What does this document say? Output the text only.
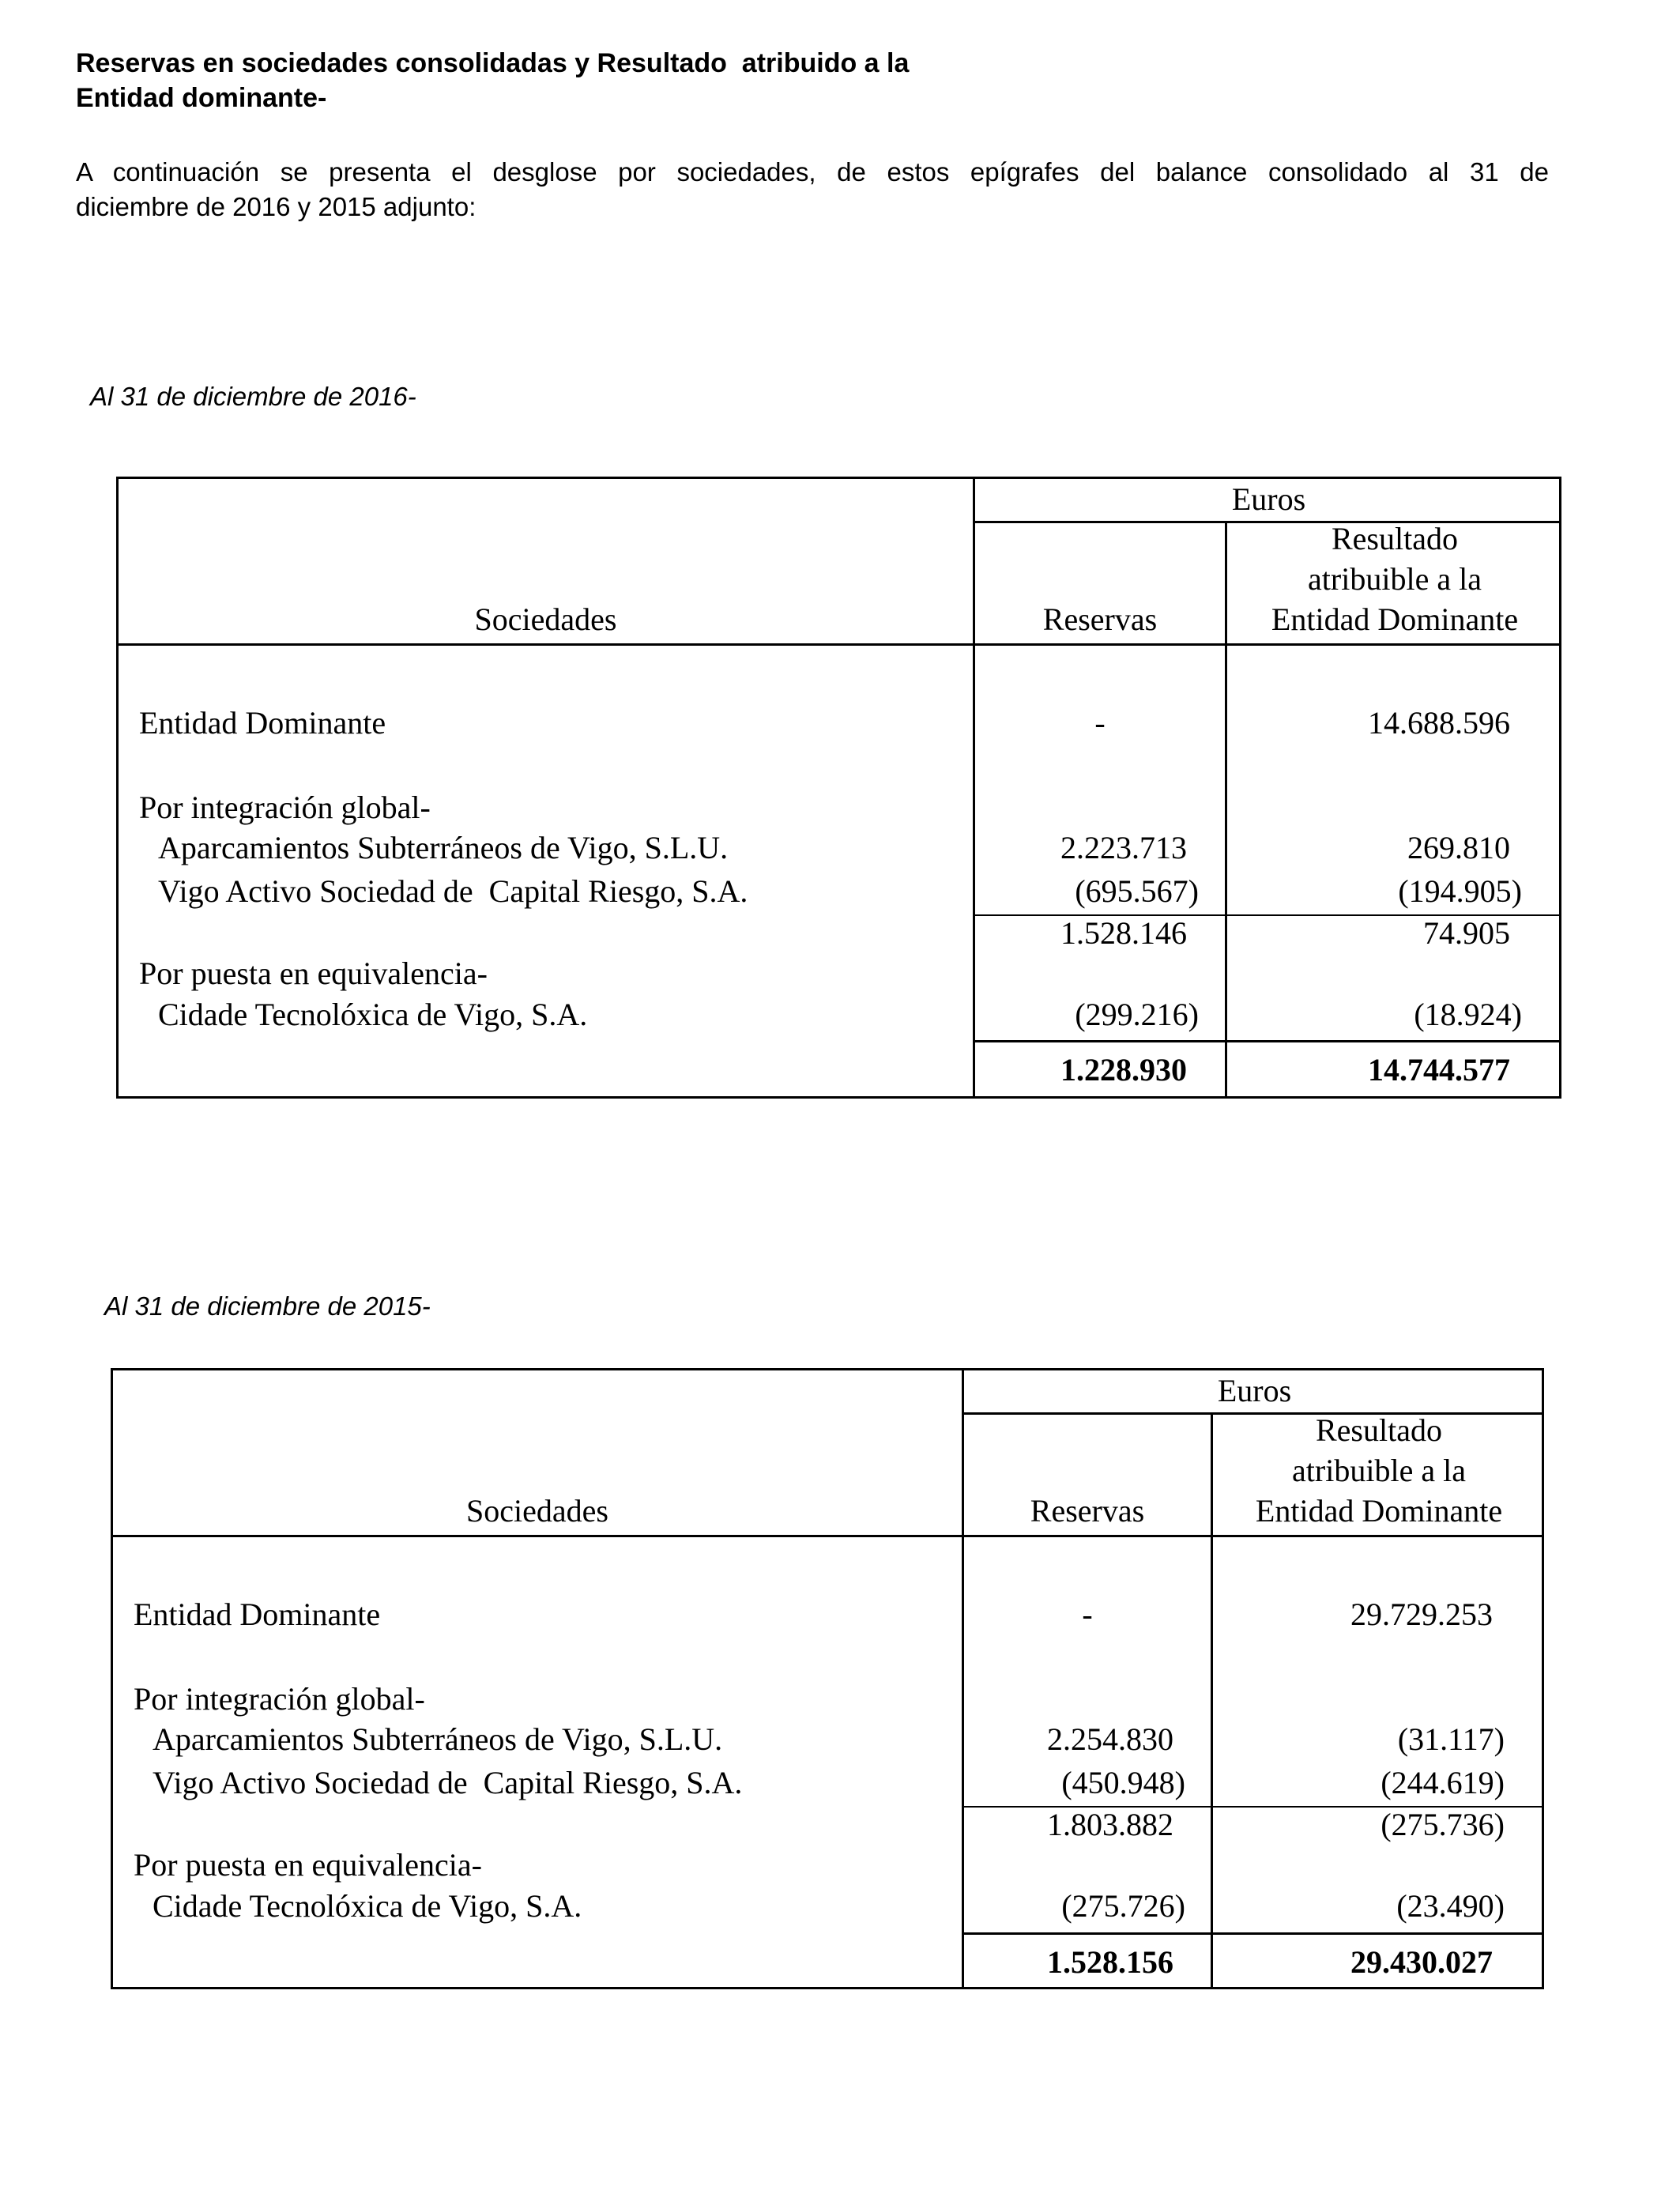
Reservas en sociedades consolidadas y Resultado  atribuido a la
Entidad dominante-
A continuación se presenta el desglose por sociedades, de estos epígrafes del balance consolidado al 31 de
diciembre de 2016 y 2015 adjunto:
Al 31 de diciembre de 2016-
Euros
Sociedades	Reservas
Resultado
atribuible a la
Entidad Dominante
Entidad Dominante	-	14.688.596
Por integración global-
Aparcamientos Subterráneos de Vigo, S.L.U.	2.223.713	269.810
Vigo Activo Sociedad de  Capital Riesgo, S.A.	(695.567)	(194.905)
1.528.146	74.905
Por puesta en equivalencia-
Cidade Tecnolóxica de Vigo, S.A.	(299.216)	(18.924)
1.228.930	14.744.577
Al 31 de diciembre de 2015-
Euros
Sociedades	Reservas
Resultado
atribuible a la
Entidad Dominante
Entidad Dominante	-	29.729.253
Por integración global-
Aparcamientos Subterráneos de Vigo, S.L.U.	2.254.830	(31.117)
Vigo Activo Sociedad de  Capital Riesgo, S.A.	(450.948)	(244.619)
1.803.882	(275.736)
Por puesta en equivalencia-
Cidade Tecnolóxica de Vigo, S.A.	(275.726)	(23.490)
1.528.156	29.430.027
